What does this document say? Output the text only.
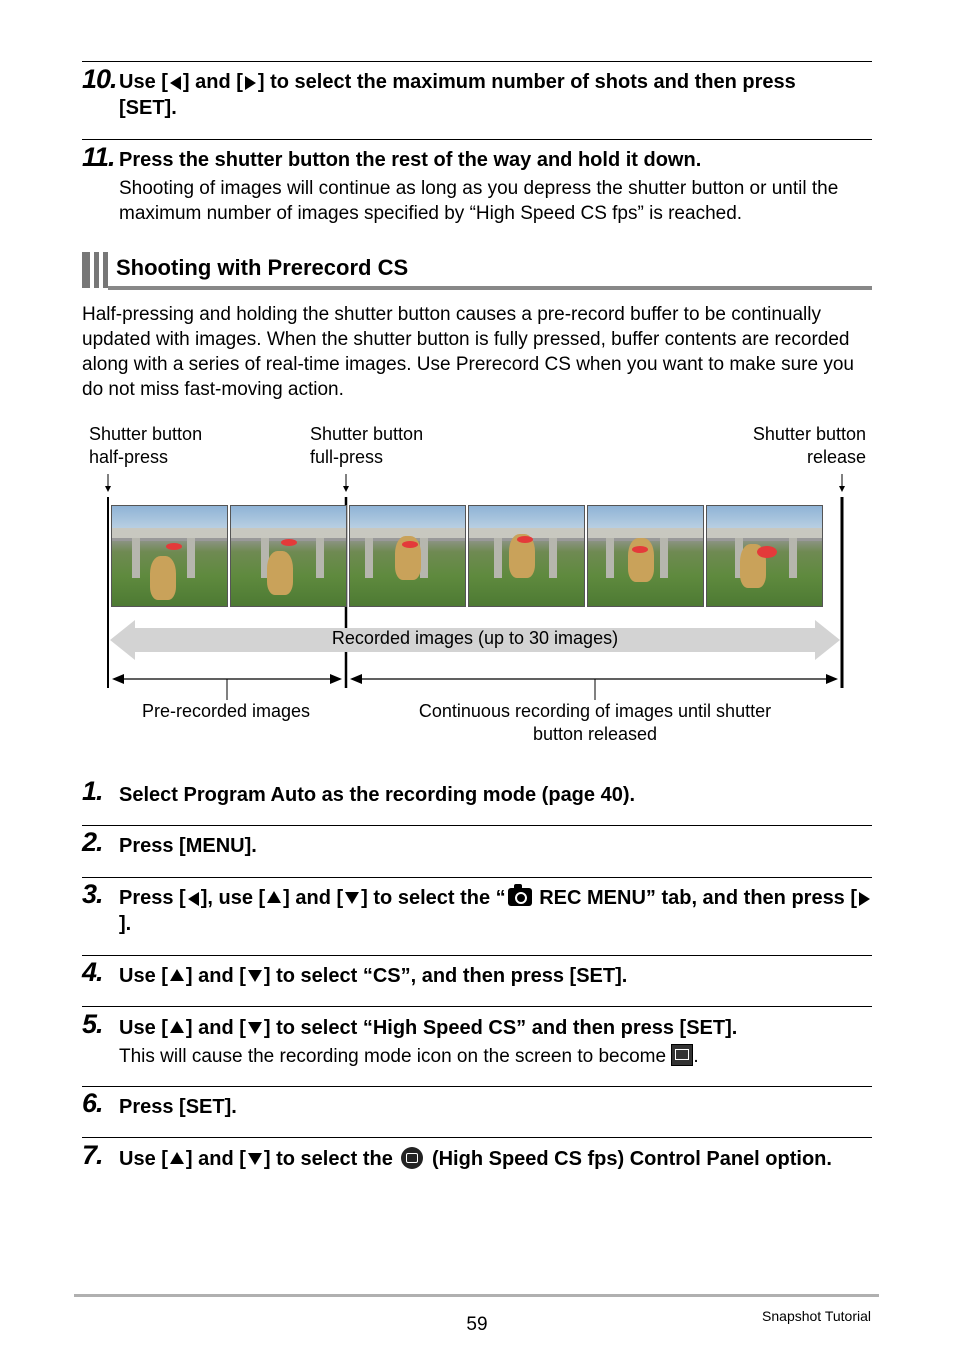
10. Use [ ] and [ ] to select the maximum number of shots and then press [SET].
11. Press the shutter button the rest of the way and hold it down.
Shooting of images will continue as long as you depress the shutter button or until the maximum number of images specified by “High Speed CS fps” is reached.
Shooting with Prerecord CS
Half-pressing and holding the shutter button causes a pre-record buffer to be continually updated with images. When the shutter button is fully pressed, buffer contents are recorded along with a series of real-time images. Use Prerecord CS when you want to make sure you do not miss fast-moving action.
Shutter button
half-press
Shutter button
full-press
Shutter button
release
Recorded images (up to 30 images)
Pre-recorded images	Continuous recording of images until shutter button released
1. Select Program Auto as the recording mode (page 40).
2. Press [MENU].
3. Press [ ], use [ ] and [ ] to select the “ REC MENU” tab, and then press [].
4. Use [ ] and [ ] to select “CS”, and then press [SET].
5. Use [ ] and [ ] to select “High Speed CS” and then press [SET].
This will cause the recording mode icon on the screen to become .
6. Press [SET].
7. Use [ ] and [ ] to select the  (High Speed CS fps) Control Panel option.
59	Snapshot Tutorial
